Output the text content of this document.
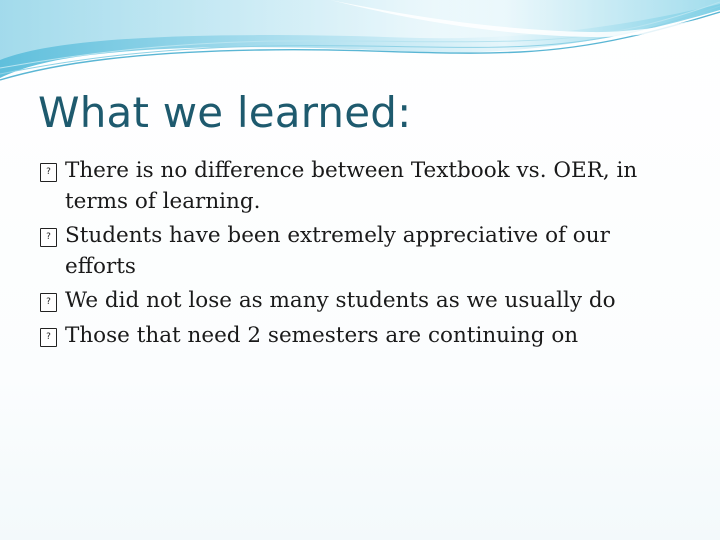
What we learned:
? There is no difference between Textbook vs. OER, in terms of learning.
? Students have been extremely appreciative of our efforts
? We did not lose as many students as we usually do
? Those that need 2 semesters are continuing on
